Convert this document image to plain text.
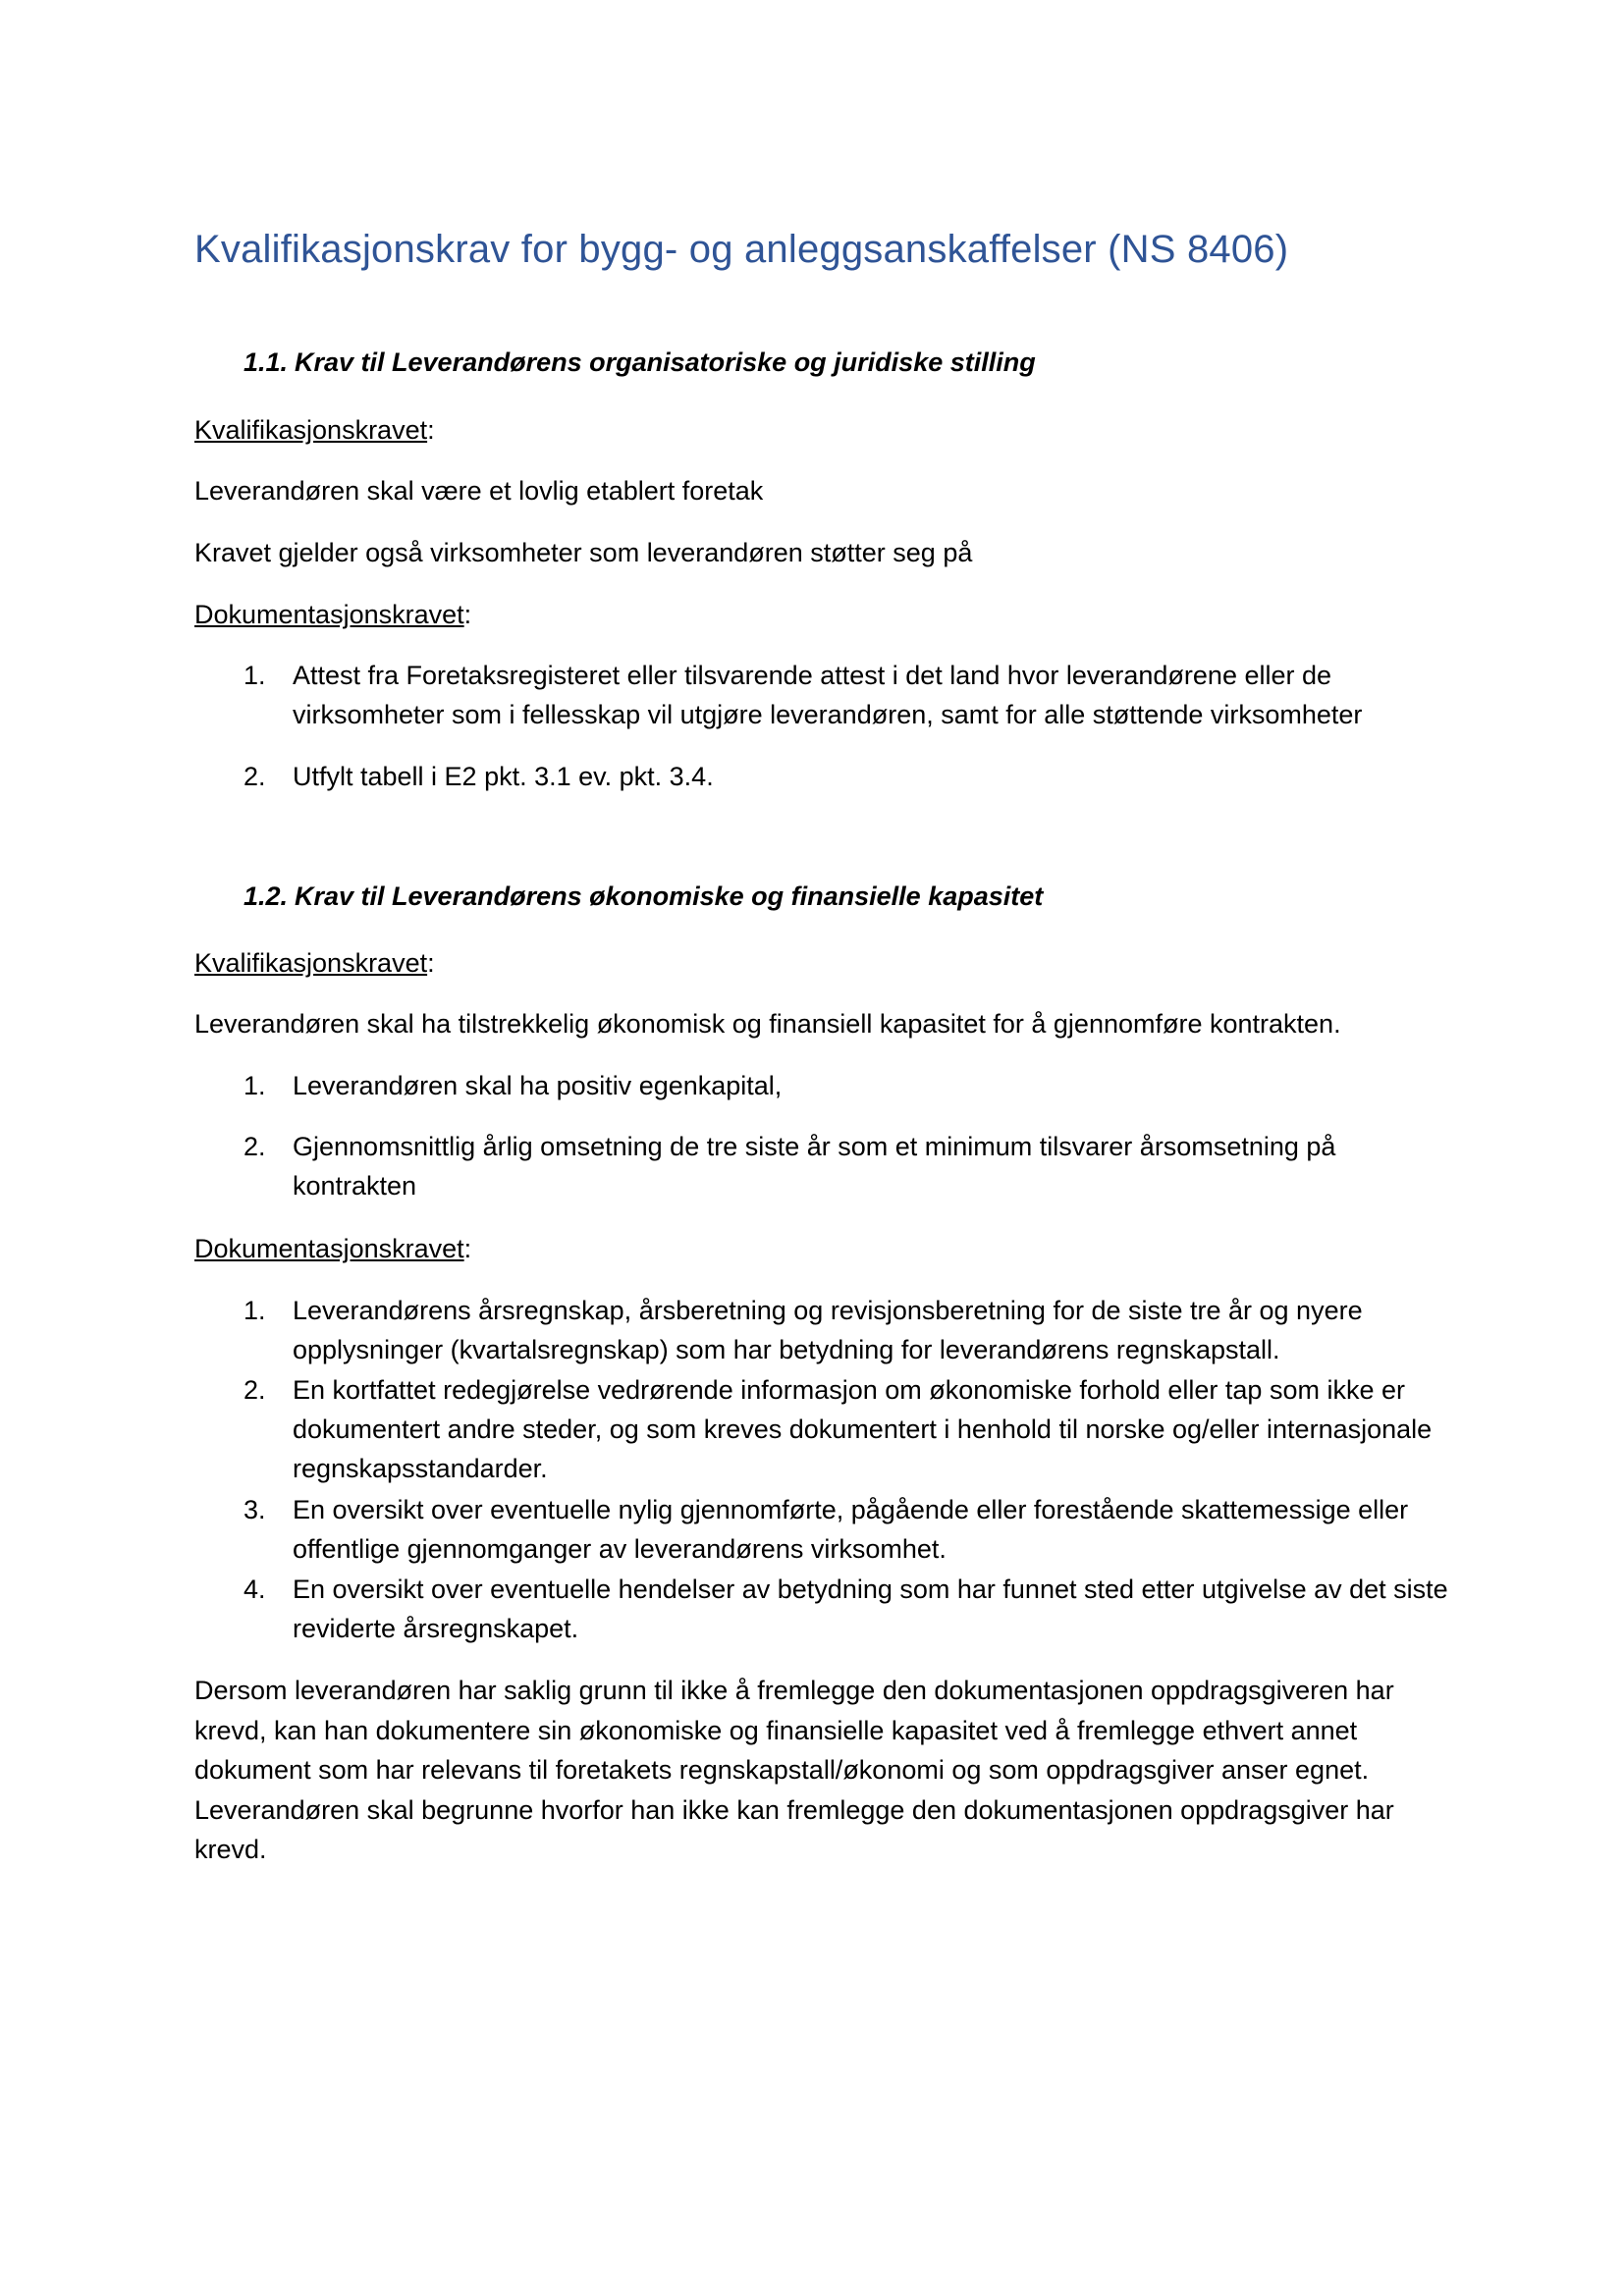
Kvalifikasjonskrav for bygg- og anleggsanskaffelser (NS 8406)
1.1. Krav til Leverandørens organisatoriske og juridiske stilling
Kvalifikasjonskravet:
Leverandøren skal være et lovlig etablert foretak
Kravet gjelder også virksomheter som leverandøren støtter seg på
Dokumentasjonskravet:
1.	Attest fra Foretaksregisteret eller tilsvarende attest i det land hvor leverandørene eller de virksomheter som i fellesskap vil utgjøre leverandøren, samt for alle støttende virksomheter
2.	Utfylt tabell i E2 pkt. 3.1 ev. pkt. 3.4.
1.2. Krav til Leverandørens økonomiske og finansielle kapasitet
Kvalifikasjonskravet:
Leverandøren skal ha tilstrekkelig økonomisk og finansiell kapasitet for å gjennomføre kontrakten.
1.	Leverandøren skal ha positiv egenkapital,
2.	Gjennomsnittlig årlig omsetning de tre siste år som et minimum tilsvarer årsomsetning på kontrakten
Dokumentasjonskravet:
1.	Leverandørens årsregnskap, årsberetning og revisjonsberetning for de siste tre år og nyere opplysninger (kvartalsregnskap) som har betydning for leverandørens regnskapstall.
2.	En kortfattet redegjørelse vedrørende informasjon om økonomiske forhold eller tap som ikke er dokumentert andre steder, og som kreves dokumentert i henhold til norske og/eller internasjonale regnskapsstandarder.
3.	En oversikt over eventuelle nylig gjennomførte, pågående eller forestående skattemessige eller offentlige gjennomganger av leverandørens virksomhet.
4.	En oversikt over eventuelle hendelser av betydning som har funnet sted etter utgivelse av det siste reviderte årsregnskapet.
Dersom leverandøren har saklig grunn til ikke å fremlegge den dokumentasjonen oppdragsgiveren har krevd, kan han dokumentere sin økonomiske og finansielle kapasitet ved å fremlegge ethvert annet dokument som har relevans til foretakets regnskapstall/økonomi og som oppdragsgiver anser egnet. Leverandøren skal begrunne hvorfor han ikke kan fremlegge den dokumentasjonen oppdragsgiver har krevd.
